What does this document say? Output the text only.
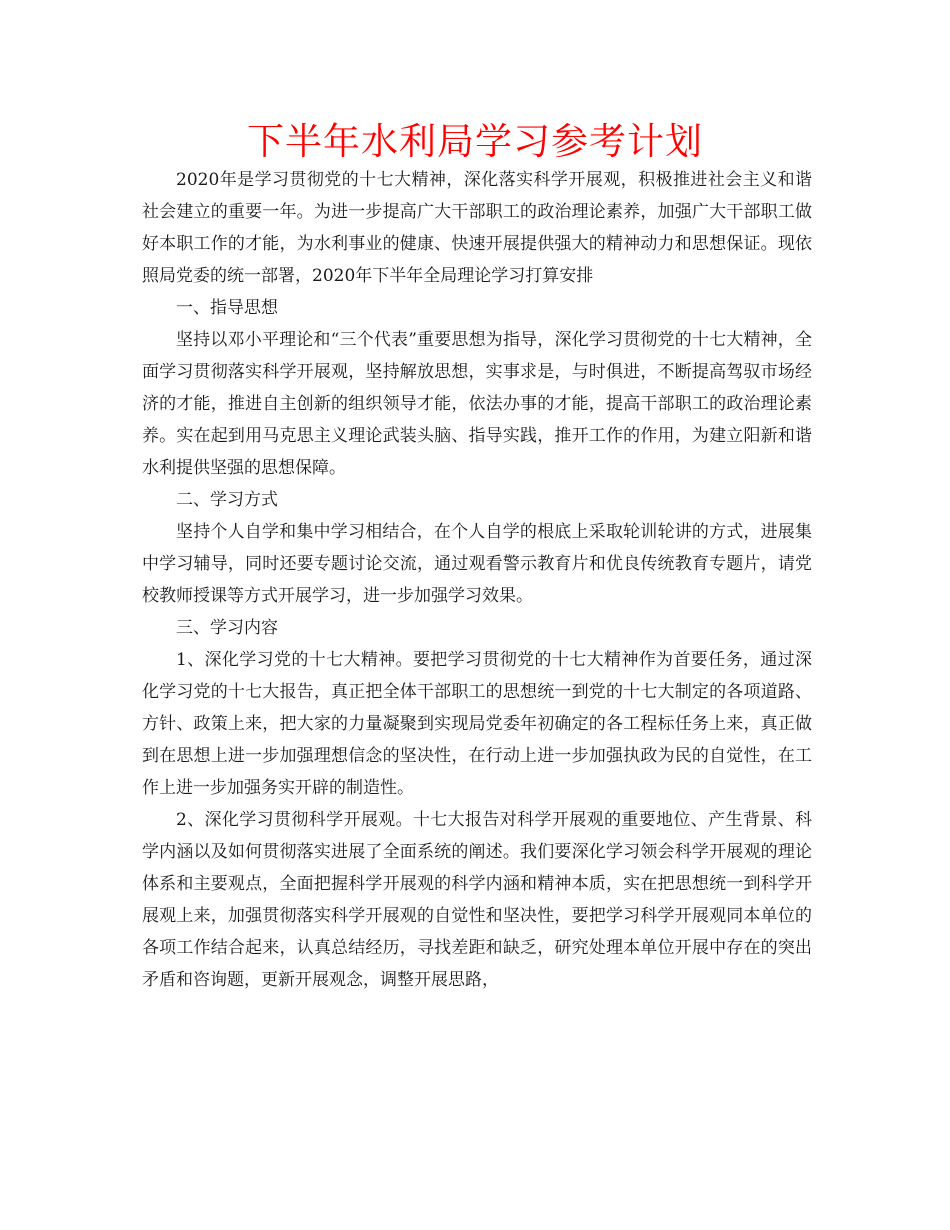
下半年水利局学习参考计划

2020年是学习贯彻党的十七大精神，深化落实科学开展观，积极推进社会主义和谐社会建立的重要一年。为进一步提高广大干部职工的政治理论素养，加强广大干部职工做好本职工作的才能，为水利事业的健康、快速开展提供强大的精神动力和思想保证。现依照局党委的统一部署，2020年下半年全局理论学习打算安排

一、指导思想

坚持以邓小平理论和“三个代表”重要思想为指导，深化学习贯彻党的十七大精神，全面学习贯彻落实科学开展观，坚持解放思想，实事求是，与时俱进，不断提高驾驭市场经济的才能，推进自主创新的组织领导才能，依法办事的才能，提高干部职工的政治理论素养。实在起到用马克思主义理论武装头脑、指导实践，推开工作的作用，为建立阳新和谐水利提供坚强的思想保障。

二、学习方式

坚持个人自学和集中学习相结合，在个人自学的根底上采取轮训轮讲的方式，进展集中学习辅导，同时还要专题讨论交流，通过观看警示教育片和优良传统教育专题片，请党校教师授课等方式开展学习，进一步加强学习效果。

三、学习内容

1、深化学习党的十七大精神。要把学习贯彻党的十七大精神作为首要任务，通过深化学习党的十七大报告，真正把全体干部职工的思想统一到党的十七大制定的各项道路、方针、政策上来，把大家的力量凝聚到实现局党委年初确定的各工程标任务上来，真正做到在思想上进一步加强理想信念的坚决性，在行动上进一步加强执政为民的自觉性，在工作上进一步加强务实开辟的制造性。

2、深化学习贯彻科学开展观。十七大报告对科学开展观的重要地位、产生背景、科学内涵以及如何贯彻落实进展了全面系统的阐述。我们要深化学习领会科学开展观的理论体系和主要观点，全面把握科学开展观的科学内涵和精神本质，实在把思想统一到科学开展观上来，加强贯彻落实科学开展观的自觉性和坚决性，要把学习科学开展观同本单位的各项工作结合起来，认真总结经历，寻找差距和缺乏，研究处理本单位开展中存在的突出矛盾和咨询题，更新开展观念，调整开展思路，
